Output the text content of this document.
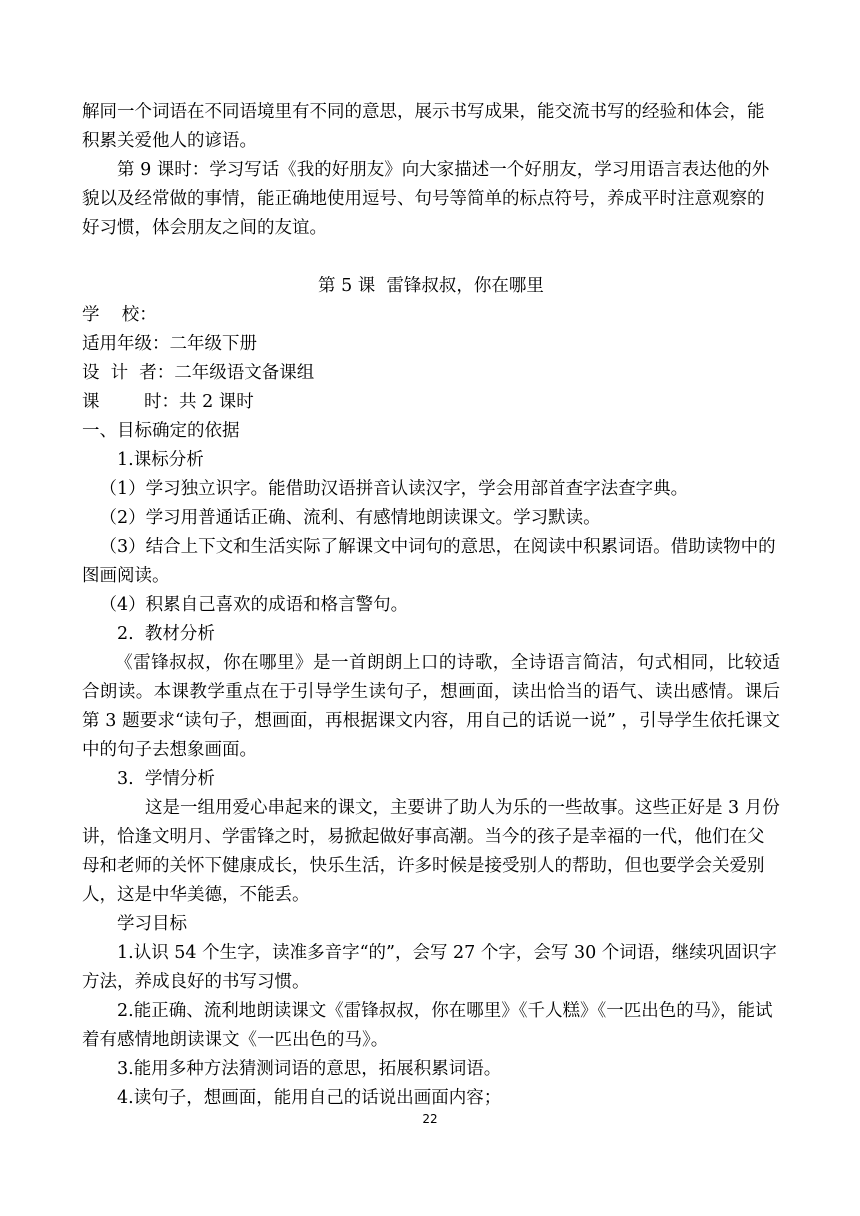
解同一个词语在不同语境里有不同的意思，展示书写成果，能交流书写的经验和体会，能积累关爱他人的谚语。

第 9 课时：学习写话《我的好朋友》向大家描述一个好朋友，学习用语言表达他的外貌以及经常做的事情，能正确地使用逗号、句号等简单的标点符号，养成平时注意观察的好习惯，体会朋友之间的友谊。

第 5 课  雷锋叔叔，你在哪里

学    校：

适用年级：二年级下册

设  计  者：二年级语文备课组

课        时：共 2 课时

一、目标确定的依据

1.课标分析

（1）学习独立识字。能借助汉语拼音认读汉字，学会用部首查字法查字典。

（2）学习用普通话正确、流利、有感情地朗读课文。学习默读。

（3）结合上下文和生活实际了解课文中词句的意思，在阅读中积累词语。借助读物中的图画阅读。

（4）积累自己喜欢的成语和格言警句。

2.  教材分析

《雷锋叔叔，你在哪里》是一首朗朗上口的诗歌，全诗语言简洁，句式相同，比较适合朗读。本课教学重点在于引导学生读句子，想画面，读出恰当的语气、读出感情。课后第 3 题要求“读句子，想画面，再根据课文内容，用自己的话说一说” ，引导学生依托课文中的句子去想象画面。

3.  学情分析

这是一组用爱心串起来的课文，主要讲了助人为乐的一些故事。这些正好是 3 月份讲，恰逢文明月、学雷锋之时，易掀起做好事高潮。当今的孩子是幸福的一代，他们在父母和老师的关怀下健康成长，快乐生活，许多时候是接受别人的帮助，但也要学会关爱别人，这是中华美德，不能丢。

学习目标

1.认识 54 个生字，读准多音字“的”，会写 27 个字，会写 30 个词语，继续巩固识字方法，养成良好的书写习惯。

2.能正确、流利地朗读课文《雷锋叔叔，你在哪里》《千人糕》《一匹出色的马》，能试着有感情地朗读课文《一匹出色的马》。

3.能用多种方法猜测词语的意思，拓展积累词语。

4.读句子，想画面，能用自己的话说出画面内容；

22
